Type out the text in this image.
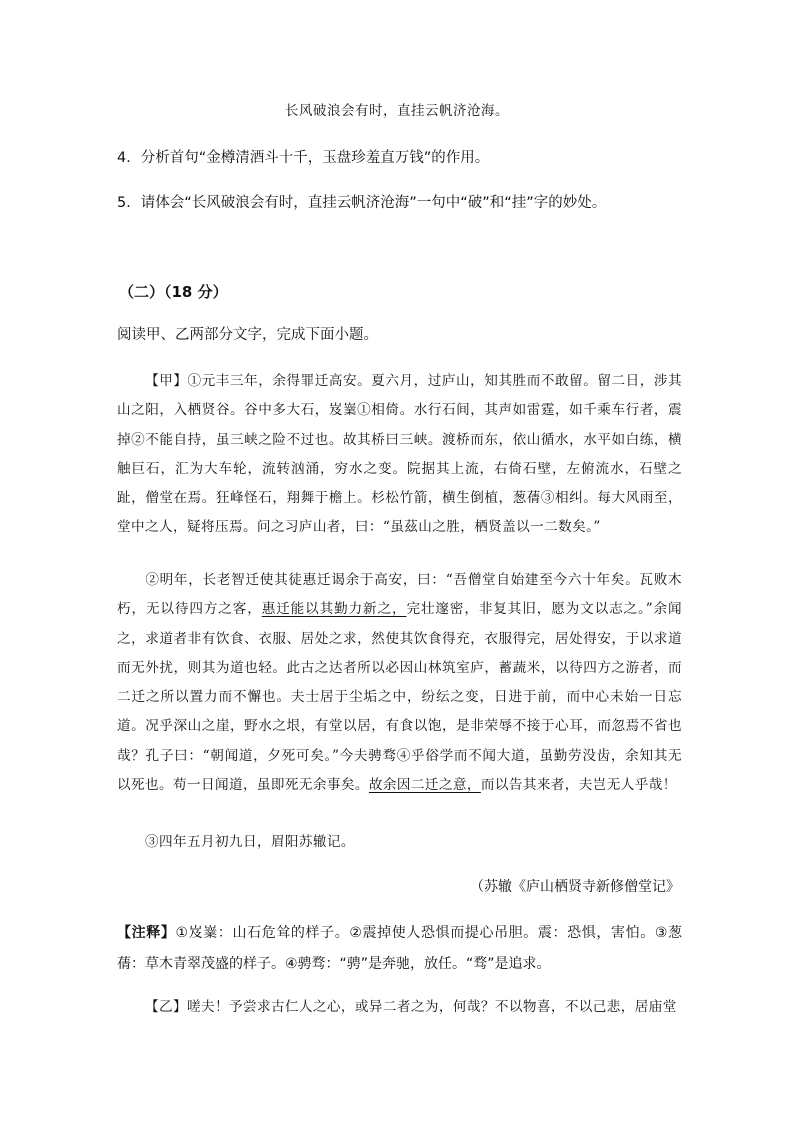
长风破浪会有时，直挂云帆济沧海。
4．分析首句“金樽清酒斗十千，玉盘珍羞直万钱”的作用。
5．请体会“长风破浪会有时，直挂云帆济沧海”一句中“破”和“挂”字的妙处。
（二）（18 分）
阅读甲、乙两部分文字，完成下面小题。

【甲】①元丰三年，余得罪迁高安。夏六月，过庐山，知其胜而不敢留。留二日，涉其山之阳，入栖贤谷。谷中多大石，岌嶪①相倚。水行石间，其声如雷霆，如千乘车行者，震掉②不能自持，虽三峡之险不过也。故其桥曰三峡。渡桥而东，依山循水，水平如白练，横触巨石，汇为大车轮，流转汹涌，穷水之变。院据其上流，右倚石壁，左俯流水，石壁之趾，僧堂在焉。狂峰怪石，翔舞于檐上。杉松竹箭，横生倒植，葱蒨③相纠。每大风雨至，堂中之人，疑将压焉。问之习庐山者，曰：“虽茲山之胜，栖贤盖以一二数矣。”

②明年，长老智迁使其徒惠迁谒余于高安，曰：“吾僧堂自始建至今六十年矣。瓦败木朽，无以待四方之客，惠迁能以其勤力新之，完壮邃密，非复其旧，愿为文以志之。”余闻之，求道者非有饮食、衣服、居处之求，然使其饮食得充，衣服得完，居处得安，于以求道而无外扰，则其为道也轻。此古之达者所以必因山林筑室庐，蓄蔬米，以待四方之游者，而二迁之所以置力而不懈也。夫士居于尘垢之中，纷纭之变，日进于前，而中心未始一日忘道。况乎深山之崖，野水之垠，有堂以居，有食以饱，是非荣辱不接于心耳，而忽焉不省也哉？孔子曰：“朝闻道，夕死可矣。”今夫骋骛④乎俗学而不闻大道，虽勤劳没齿，余知其无以死也。苟一日闻道，虽即死无余事矣。故余因二迁之意，而以告其来者，夫岂无人乎哉！

③四年五月初九日，眉阳苏辙记。

（苏辙《庐山栖贤寺新修僧堂记》

【注释】①岌嶪：山石危耸的样子。②震掉使人恐惧而提心吊胆。震：恐惧，害怕。③葱蒨：草木青翠茂盛的样子。④骋骛：“骋”是奔驰，放任。“骛”是追求。

【乙】嗟夫！予尝求古仁人之心，或异二者之为，何哉？不以物喜，不以己悲，居庙堂
